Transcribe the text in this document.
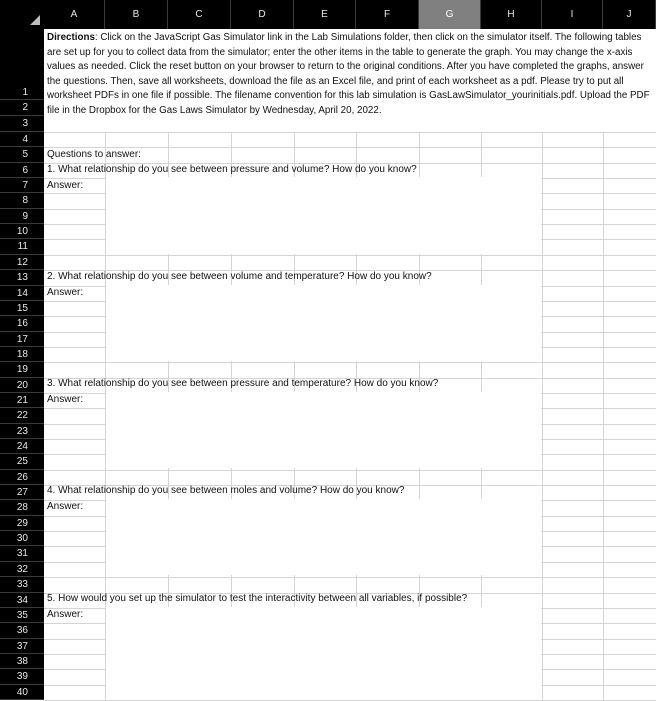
A	B	C	D	E	F	G	H	I	J
1
2
3
4
5
6
7
8
9
10
11
12
13
14
15
16
17
18
19
20
21
22
23
24
25
26
27
28
29
30
31
32
33
34
35
36
37
38
39
40
Directions: Click on the JavaScript Gas Simulator link in the Lab Simulations folder, then click on the simulator itself. The following tables are set up for you to collect data from the simulator; enter the other items in the table to generate the graph. You may change the x-axis values as needed. Click the reset button on your browser to return to the original conditions. After you have completed the graphs, answer the questions. Then, save all worksheets, download the file as an Excel file, and print of each worksheet as a pdf. Please try to put all worksheet PDFs in one file if possible. The filename convention for this lab simulation is GasLawSimulator_yourinitials.pdf. Upload the PDF file in the Dropbox for the Gas Laws Simulator by Wednesday, April 20, 2022.
Questions to answer:
1. What relationship do you see between pressure and volume? How do you know?
Answer:
2. What relationship do you see between volume and temperature? How do you know?
Answer:
3. What relationship do you see between pressure and temperature? How do you know?
Answer:
4. What relationship do you see between moles and volume? How do you know?
Answer:
5. How would you set up the simulator to test the interactivity between all variables, if possible?
Answer:
